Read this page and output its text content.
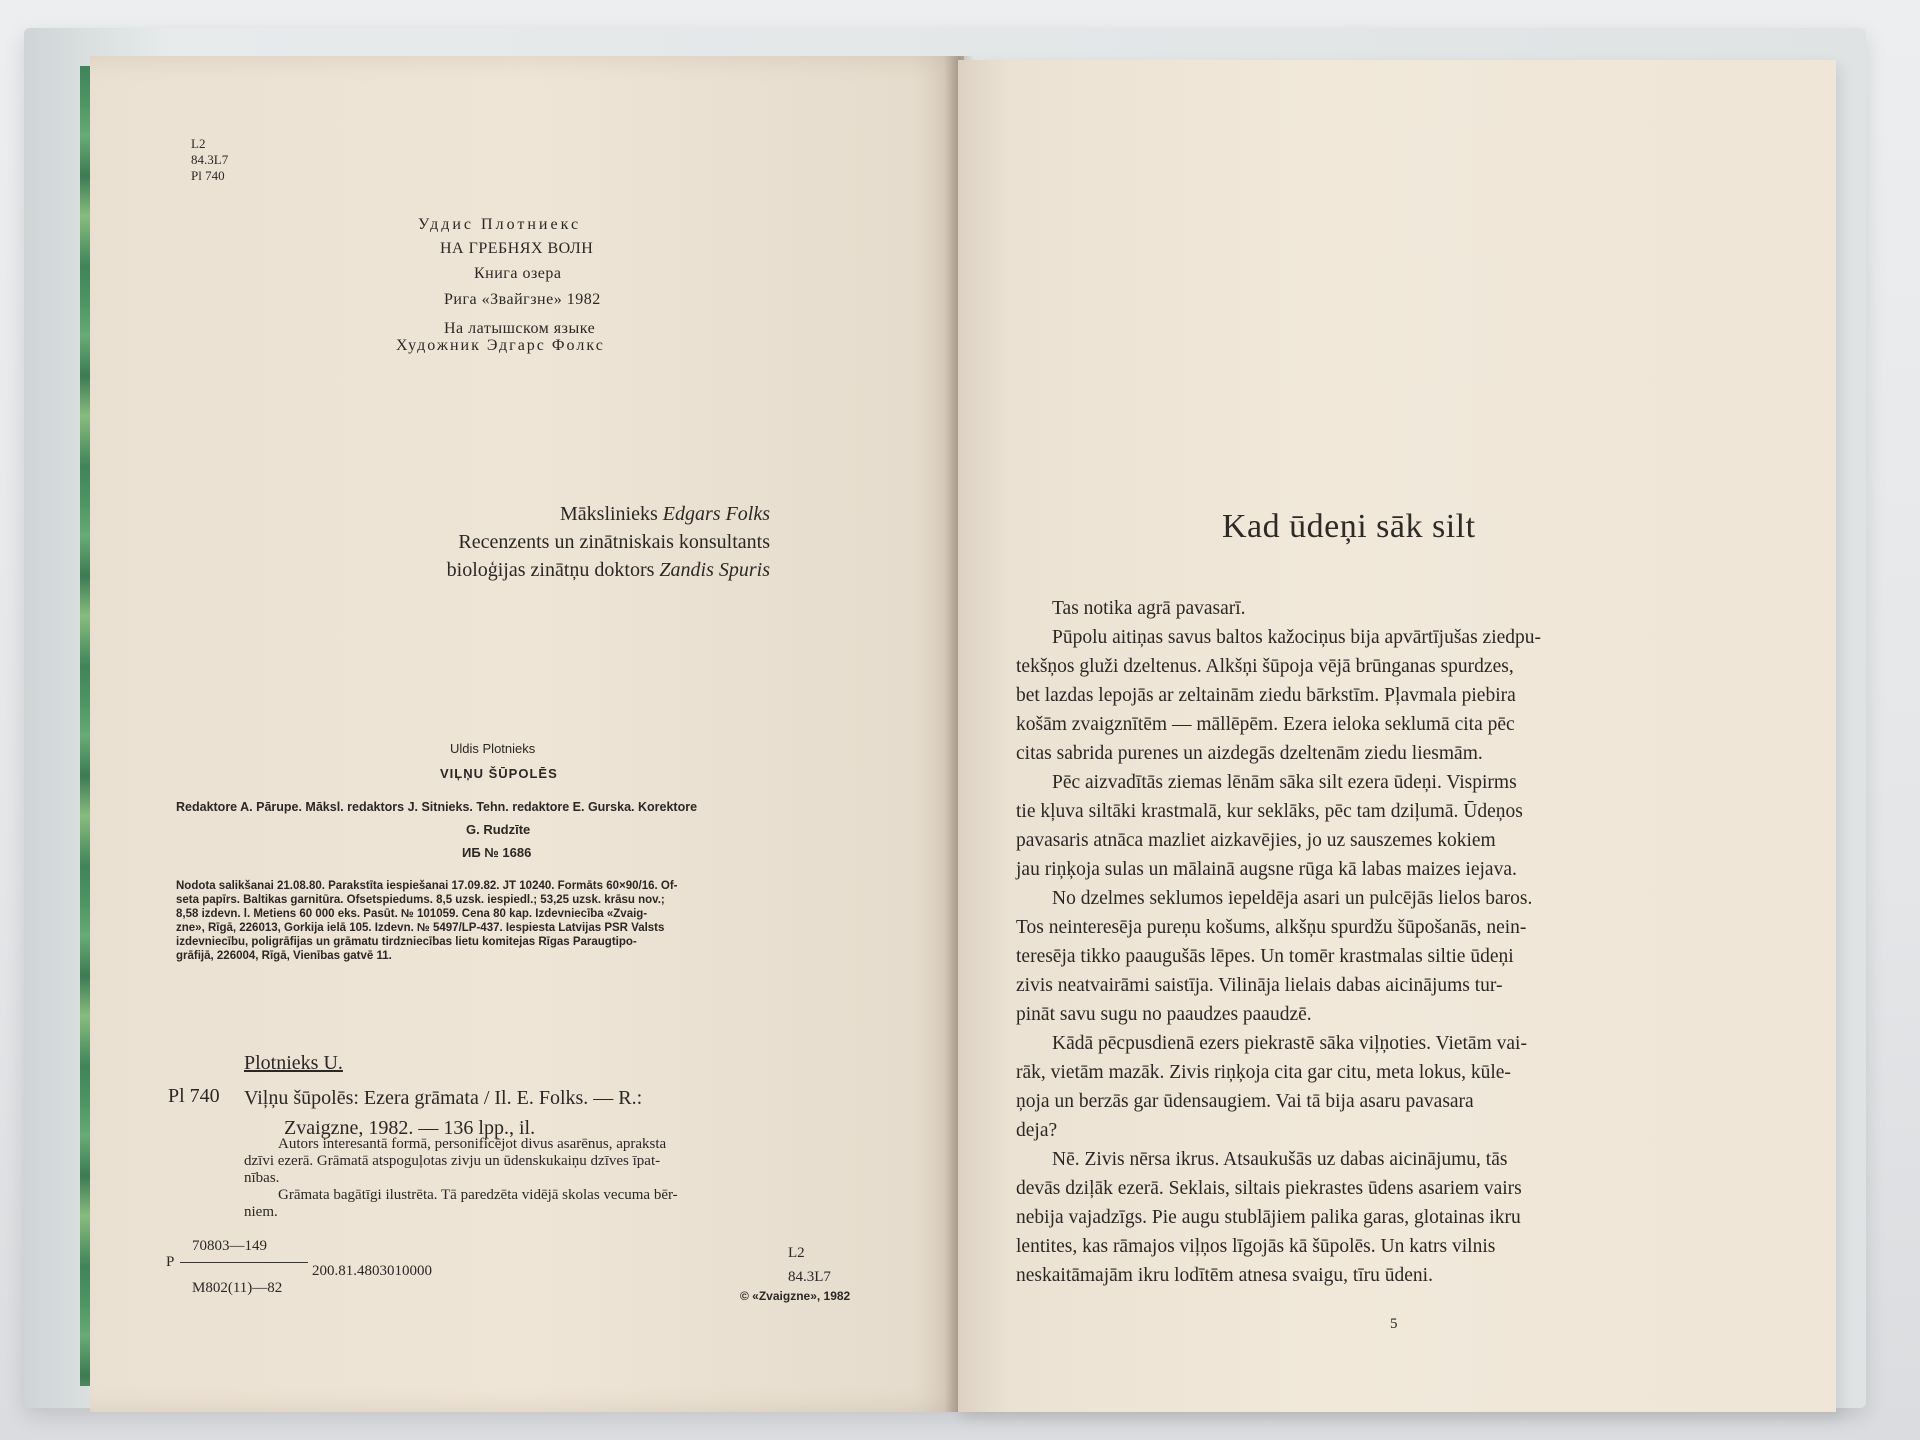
L2
84.3L7
Pl 740
Уддис Плотниекс
НА ГРЕБНЯХ ВОЛН
Книга озера
Рига «Звайгзне» 1982
На латышском языке
Художник Эдгарс Фолкс
Mākslinieks Edgars Folks
Recenzents un zinātniskais konsultants
bioloģijas zinātņu doktors Zandis Spuris
Uldis Plotnieks
VIĻŅU ŠŪPOLĒS
Redaktore A. Pārupe. Māksl. redaktors J. Sitnieks. Tehn. redaktore E. Gurska. Korektore
G. Rudzīte
ИБ № 1686
Nodota salikšanai 21.08.80. Parakstīta iespiešanai 17.09.82. JT 10240. Formāts 60×90/16. Of-
seta papīrs. Baltikas garnitūra. Ofsetspiedums. 8,5 uzsk. iespiedl.; 53,25 uzsk. krāsu nov.;
8,58 izdevn. l. Metiens 60 000 eks. Pasūt. № 101059. Cena 80 kap. Izdevniecība «Zvaig-
zne», Rīgā, 226013, Gorkija ielā 105. Izdevn. № 5497/LP-437. Iespiesta Latvijas PSR Valsts
izdevniecību, poligrāfijas un grāmatu tirdzniecības lietu komitejas Rīgas Paraugtipo-
grāfijā, 226004, Rīgā, Vienības gatvē 11.
Plotnieks U.
Pl 740 Viļņu šūpolēs: Ezera grāmata / Il. E. Folks. — R.:
Zvaigzne, 1982. — 136 lpp., il.
Autors interesantā formā, personificējot divus asarēnus, apraksta
dzīvi ezerā. Grāmatā atspoguļotas zivju un ūdenskukaiņu dzīves īpat-
nības.
Grāmata bagātīgi ilustrēta. Tā paredzēta vidējā skolas vecuma bēr-
niem.
70803—149
P
200.81.4803010000
M802(11)—82
L2
84.3L7
© «Zvaigzne», 1982
Kad ūdeņi sāk silt
Tas notika agrā pavasarī.
Pūpolu aitiņas savus baltos kažociņus bija apvārtījušas ziedpu-
tekšņos gluži dzeltenus. Alkšņi šūpoja vējā brūnganas spurdzes,
bet lazdas lepojās ar zeltainām ziedu bārkstīm. Pļavmala piebira
košām zvaigznītēm — māllēpēm. Ezera ieloka seklumā cita pēc
citas sabrida purenes un aizdegās dzeltenām ziedu liesmām.
Pēc aizvadītās ziemas lēnām sāka silt ezera ūdeņi. Vispirms
tie kļuva siltāki krastmalā, kur seklāks, pēc tam dziļumā. Ūdeņos
pavasaris atnāca mazliet aizkavējies, jo uz sauszemes kokiem
jau riņķoja sulas un mālainā augsne rūga kā labas maizes iejava.
No dzelmes seklumos iepeldēja asari un pulcējās lielos baros.
Tos neinteresēja pureņu košums, alkšņu spurdžu šūpošanās, nein-
teresēja tikko paaugušās lēpes. Un tomēr krastmalas siltie ūdeņi
zivis neatvairāmi saistīja. Vilināja lielais dabas aicinājums tur-
pināt savu sugu no paaudzes paaudzē.
Kādā pēcpusdienā ezers piekrastē sāka viļņoties. Vietām vai-
rāk, vietām mazāk. Zivis riņķoja cita gar citu, meta lokus, kūle-
ņoja un berzās gar ūdensaugiem. Vai tā bija asaru pavasara
deja?
Nē. Zivis nērsa ikrus. Atsaukušās uz dabas aicinājumu, tās
devās dziļāk ezerā. Seklais, siltais piekrastes ūdens asariem vairs
nebija vajadzīgs. Pie augu stublājiem palika garas, glotainas ikru
lentites, kas rāmajos viļņos līgojās kā šūpolēs. Un katrs vilnis
neskaitāmajām ikru lodītēm atnesa svaigu, tīru ūdeni.
5
